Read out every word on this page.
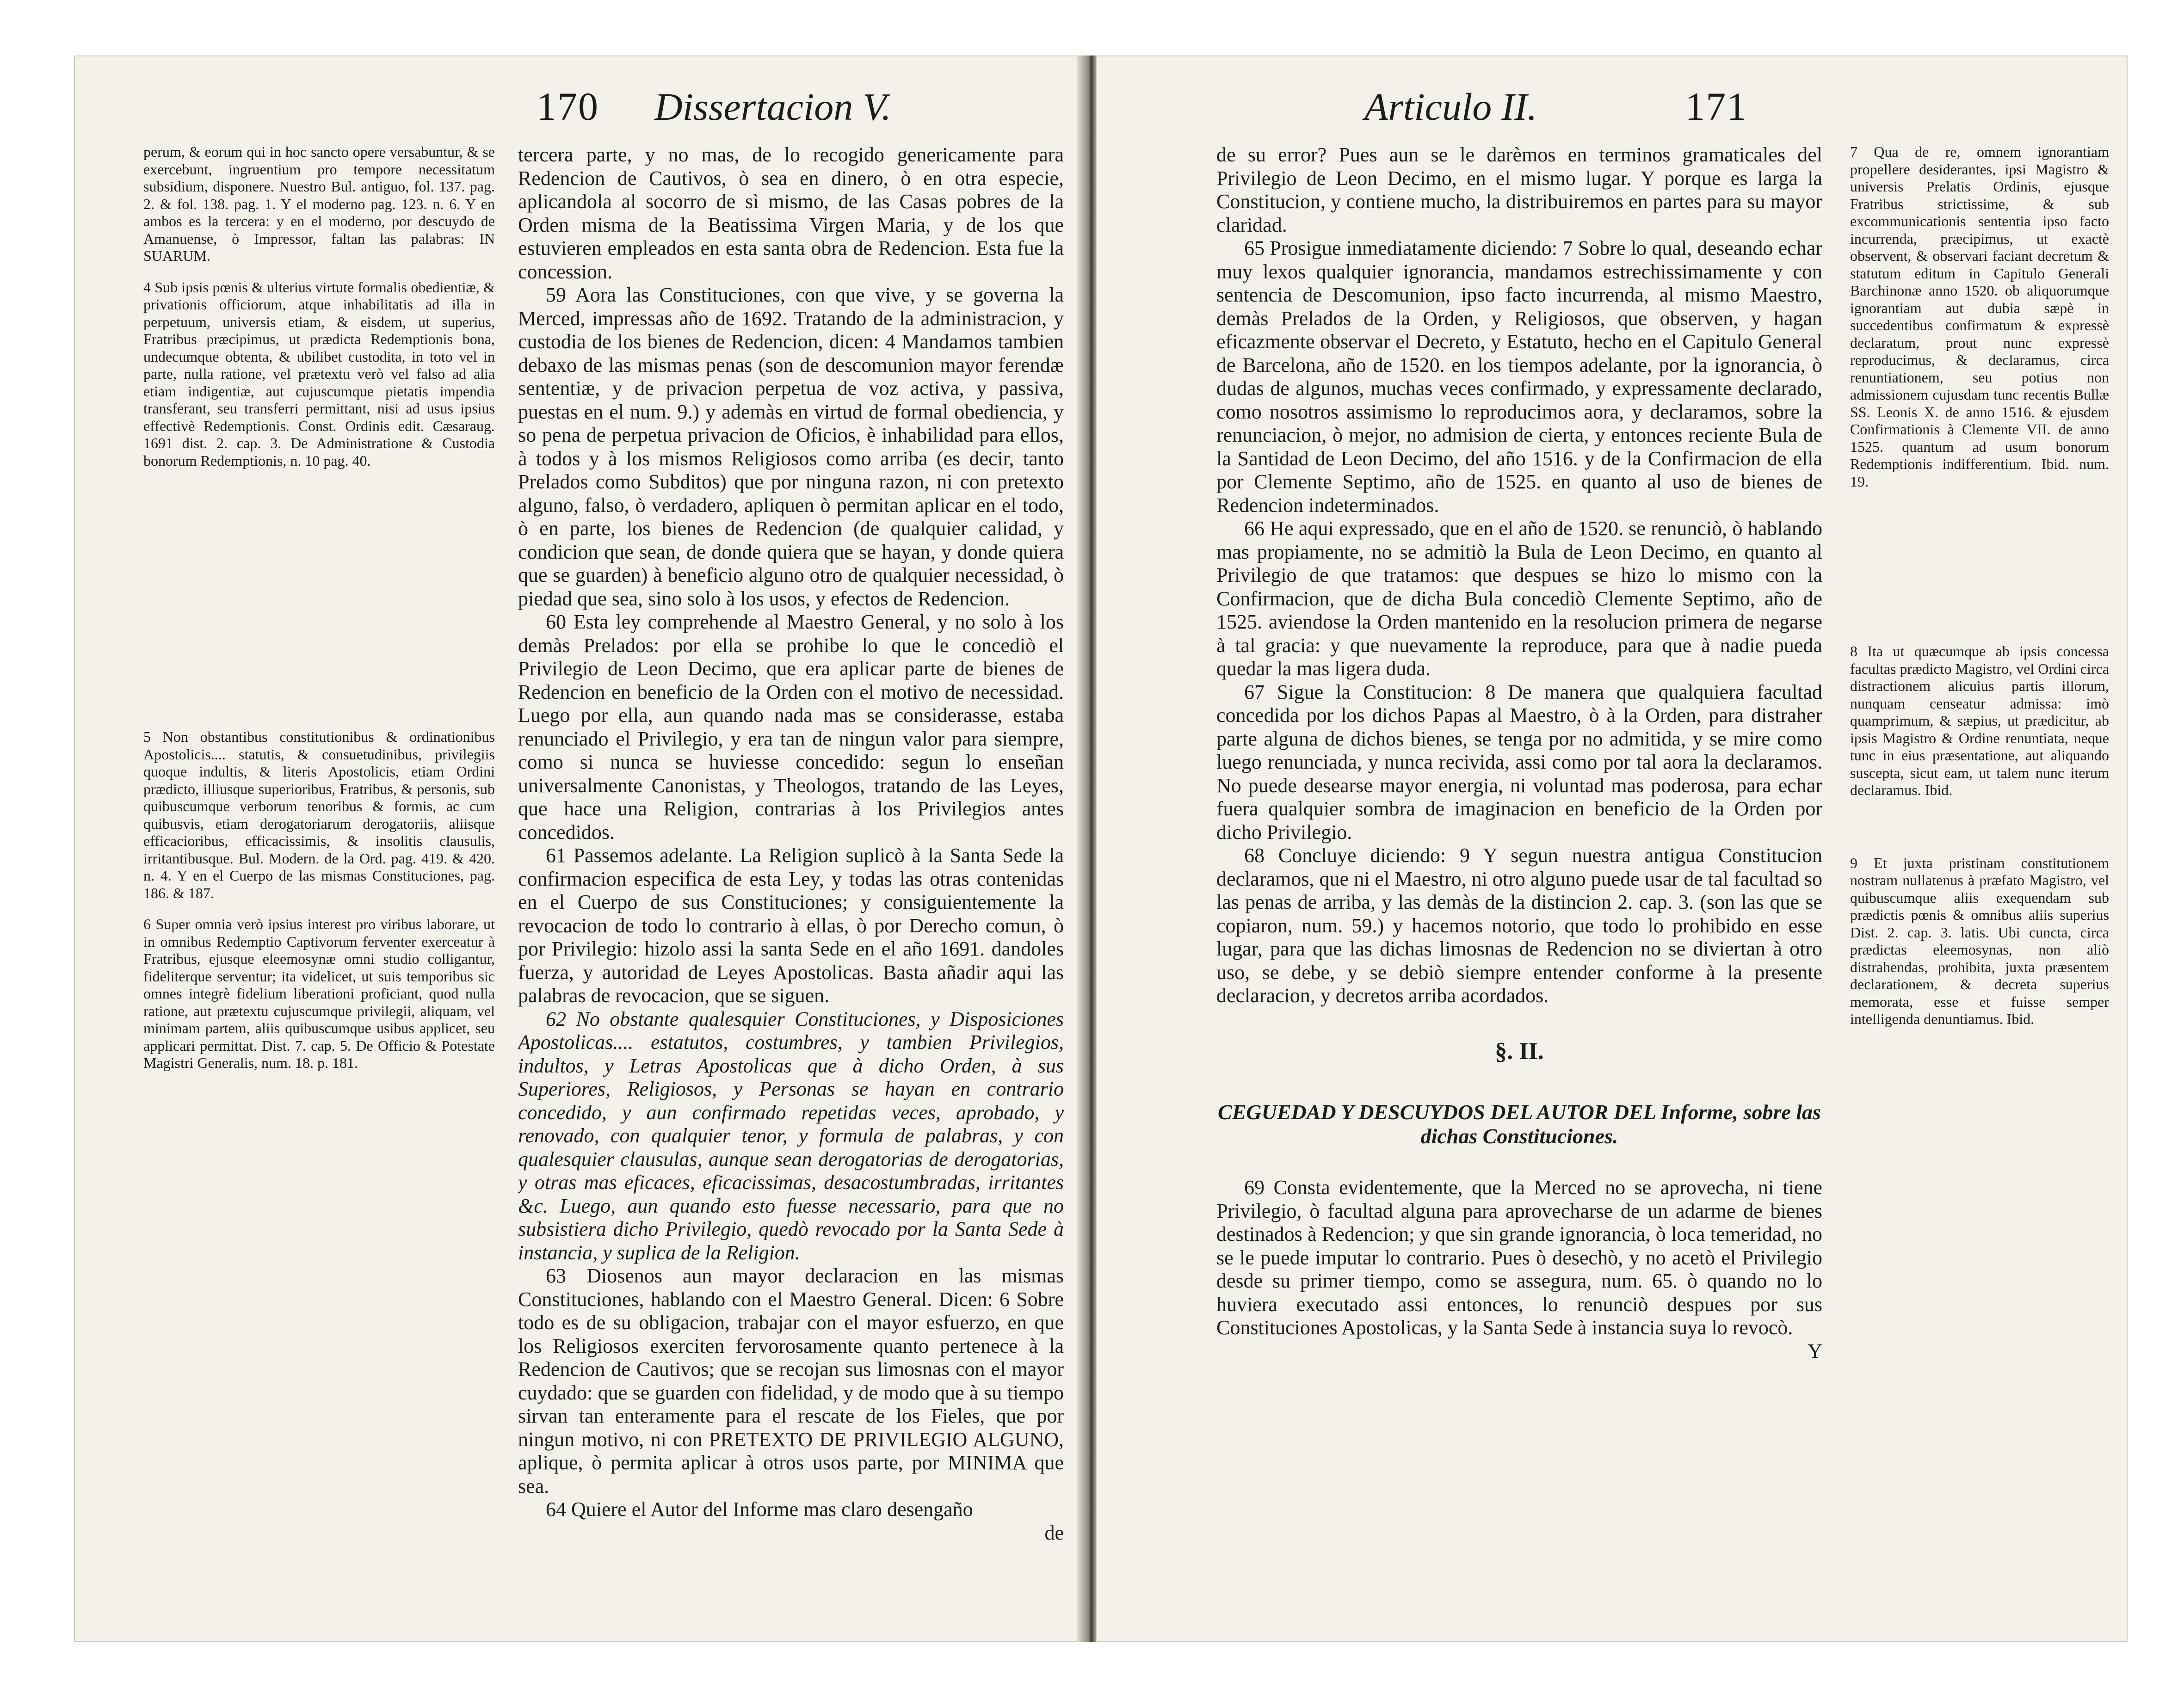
170 Dissertacion V.

perum, & eorum qui in hoc sancto opere versabuntur, & se exercebunt, ingruentium pro tempore necessitatum subsidium, disponere. Nuestro Bul. antiguo, fol. 137. pag. 2. & fol. 138. pag. 1. Y el moderno pag. 123. n. 6. Y en ambos es la tercera: y en el moderno, por descuydo de Amanuense, ò Impressor, faltan las palabras: IN SUARUM.

4 Sub ipsis pœnis & ulterius virtute formalis obedientiæ, & privationis officiorum, atque inhabilitatis ad illa in perpetuum, universis etiam, & eisdem, ut superius, Fratribus præcipimus, ut prædicta Redemptionis bona, undecumque obtenta, & ubilibet custodita, in toto vel in parte, nulla ratione, vel prætextu verò vel falso ad alia etiam indigentiæ, aut cujuscumque pietatis impendia transferant, seu transferri permittant, nisi ad usus ipsius effectivè Redemptionis. Const. Ordinis edit. Cæsaraug. 1691 dist. 2. cap. 3. De Administratione & Custodia bonorum Redemptionis, n. 10 pag. 40.

5 Non obstantibus constitutionibus & ordinationibus Apostolicis.... statutis, & consuetudinibus, privilegiis quoque indultis, & literis Apostolicis, etiam Ordini prædicto, illiusque superioribus, Fratribus, & personis, sub quibuscumque verborum tenoribus & formis, ac cum quibusvis, etiam derogatoriarum derogatoriis, aliisque efficacioribus, efficacissimis, & insolitis clausulis, irritantibusque. Bul. Modern. de la Ord. pag. 419. & 420. n. 4. Y en el Cuerpo de las mismas Constituciones, pag. 186. & 187.

6 Super omnia verò ipsius interest pro viribus laborare, ut in omnibus Redemptio Captivorum ferventer exerceatur à Fratribus, ejusque eleemosynæ omni studio colligantur, fideliterque serventur; ita videlicet, ut suis temporibus sic omnes integrè fidelium liberationi proficiant, quod nulla ratione, aut prætextu cujuscumque privilegii, aliquam, vel minimam partem, aliis quibuscumque usibus applicet, seu applicari permittat. Dist. 7. cap. 5. De Officio & Potestate Magistri Generalis, num. 18. p. 181.

tercera parte, y no mas, de lo recogido genericamente para Redencion de Cautivos, ò sea en dinero, ò en otra especie, aplicandola al socorro de sì mismo, de las Casas pobres de la Orden misma de la Beatissima Virgen Maria, y de los que estuvieren empleados en esta santa obra de Redencion. Esta fue la concession.

59 Aora las Constituciones, con que vive, y se governa la Merced, impressas año de 1692. Tratando de la administracion, y custodia de los bienes de Redencion, dicen: 4 Mandamos tambien debaxo de las mismas penas (son de descomunion mayor ferendæ sententiæ, y de privacion perpetua de voz activa, y passiva, puestas en el num. 9.) y ademàs en virtud de formal obediencia, y so pena de perpetua privacion de Oficios, è inhabilidad para ellos, à todos y à los mismos Religiosos como arriba (es decir, tanto Prelados como Subditos) que por ninguna razon, ni con pretexto alguno, falso, ò verdadero, apliquen ò permitan aplicar en el todo, ò en parte, los bienes de Redencion (de qualquier calidad, y condicion que sean, de donde quiera que se hayan, y donde quiera que se guarden) à beneficio alguno otro de qualquier necessidad, ò piedad que sea, sino solo à los usos, y efectos de Redencion.

60 Esta ley comprehende al Maestro General, y no solo à los demàs Prelados: por ella se prohibe lo que le concediò el Privilegio de Leon Decimo, que era aplicar parte de bienes de Redencion en beneficio de la Orden con el motivo de necessidad. Luego por ella, aun quando nada mas se considerasse, estaba renunciado el Privilegio, y era tan de ningun valor para siempre, como si nunca se huviesse concedido: segun lo enseñan universalmente Canonistas, y Theologos, tratando de las Leyes, que hace una Religion, contrarias à los Privilegios antes concedidos.

61 Passemos adelante. La Religion suplicò à la Santa Sede la confirmacion especifica de esta Ley, y todas las otras contenidas en el Cuerpo de sus Constituciones; y consiguientemente la revocacion de todo lo contrario à ellas, ò por Derecho comun, ò por Privilegio: hizolo assi la santa Sede en el año 1691. dandoles fuerza, y autoridad de Leyes Apostolicas. Basta añadir aqui las palabras de revocacion, que se siguen.

62 No obstante qualesquier Constituciones, y Disposiciones Apostolicas.... estatutos, costumbres, y tambien Privilegios, indultos, y Letras Apostolicas que à dicho Orden, à sus Superiores, Religiosos, y Personas se hayan en contrario concedido, y aun confirmado repetidas veces, aprobado, y renovado, con qualquier tenor, y formula de palabras, y con qualesquier clausulas, aunque sean derogatorias de derogatorias, y otras mas eficaces, eficacissimas, desacostumbradas, irritantes &c. Luego, aun quando esto fuesse necessario, para que no subsistiera dicho Privilegio, quedò revocado por la Santa Sede à instancia, y suplica de la Religion.

63 Diosenos aun mayor declaracion en las mismas Constituciones, hablando con el Maestro General. Dicen: 6 Sobre todo es de su obligacion, trabajar con el mayor esfuerzo, en que los Religiosos exerciten fervorosamente quanto pertenece à la Redencion de Cautivos; que se recojan sus limosnas con el mayor cuydado: que se guarden con fidelidad, y de modo que à su tiempo sirvan tan enteramente para el rescate de los Fieles, que por ningun motivo, ni con PRETEXTO DE PRIVILEGIO ALGUNO, aplique, ò permita aplicar à otros usos parte, por MINIMA que sea.

64 Quiere el Autor del Informe mas claro desengaño

de

Articulo II.	171

de su error? Pues aun se le darèmos en terminos gramaticales del Privilegio de Leon Decimo, en el mismo lugar. Y porque es larga la Constitucion, y contiene mucho, la distribuiremos en partes para su mayor claridad.

65 Prosigue inmediatamente diciendo: 7 Sobre lo qual, deseando echar muy lexos qualquier ignorancia, mandamos estrechissimamente y con sentencia de Descomunion, ipso facto incurrenda, al mismo Maestro, demàs Prelados de la Orden, y Religiosos, que observen, y hagan eficazmente observar el Decreto, y Estatuto, hecho en el Capitulo General de Barcelona, año de 1520. en los tiempos adelante, por la ignorancia, ò dudas de algunos, muchas veces confirmado, y expressamente declarado, como nosotros assimismo lo reproducimos aora, y declaramos, sobre la renunciacion, ò mejor, no admision de cierta, y entonces reciente Bula de la Santidad de Leon Decimo, del año 1516. y de la Confirmacion de ella por Clemente Septimo, año de 1525. en quanto al uso de bienes de Redencion indeterminados.

66 He aqui expressado, que en el año de 1520. se renunciò, ò hablando mas propiamente, no se admitiò la Bula de Leon Decimo, en quanto al Privilegio de que tratamos: que despues se hizo lo mismo con la Confirmacion, que de dicha Bula concediò Clemente Septimo, año de 1525. aviendose la Orden mantenido en la resolucion primera de negarse à tal gracia: y que nuevamente la reproduce, para que à nadie pueda quedar la mas ligera duda.

67 Sigue la Constitucion: 8 De manera que qualquiera facultad concedida por los dichos Papas al Maestro, ò à la Orden, para distraher parte alguna de dichos bienes, se tenga por no admitida, y se mire como luego renunciada, y nunca recivida, assi como por tal aora la declaramos. No puede desearse mayor energia, ni voluntad mas poderosa, para echar fuera qualquier sombra de imaginacion en beneficio de la Orden por dicho Privilegio.

68 Concluye diciendo: 9 Y segun nuestra antigua Constitucion declaramos, que ni el Maestro, ni otro alguno puede usar de tal facultad so las penas de arriba, y las demàs de la distincion 2. cap. 3. (son las que se copiaron, num. 59.) y hacemos notorio, que todo lo prohibido en esse lugar, para que las dichas limosnas de Redencion no se diviertan à otro uso, se debe, y se debiò siempre entender conforme à la presente declaracion, y decretos arriba acordados.

§. II.

CEGUEDAD Y DESCUYDOS DEL AUTOR DEL Informe, sobre las dichas Constituciones.

69 Consta evidentemente, que la Merced no se aprovecha, ni tiene Privilegio, ò facultad alguna para aprovecharse de un adarme de bienes destinados à Redencion; y que sin grande ignorancia, ò loca temeridad, no se le puede imputar lo contrario. Pues ò desechò, y no acetò el Privilegio desde su primer tiempo, como se assegura, num. 65. ò quando no lo huviera executado assi entonces, lo renunciò despues por sus Constituciones Apostolicas, y la Santa Sede à instancia suya lo revocò.

Y

7 Qua de re, omnem ignorantiam propellere desiderantes, ipsi Magistro & universis Prelatis Ordinis, ejusque Fratribus strictissime, & sub excommunicationis sententia ipso facto incurrenda, præcipimus, ut exactè observent, & observari faciant decretum & statutum editum in Capitulo Generali Barchinonæ anno 1520. ob aliquorumque ignorantiam aut dubia sæpè in succedentibus confirmatum & expressè declaratum, prout nunc expressè reproducimus, & declaramus, circa renuntiationem, seu potius non admissionem cujusdam tunc recentis Bullæ SS. Leonis X. de anno 1516. & ejusdem Confirmationis à Clemente VII. de anno 1525. quantum ad usum bonorum Redemptionis indifferentium. Ibid. num. 19.

8 Ita ut quæcumque ab ipsis concessa facultas prædicto Magistro, vel Ordini circa distractionem alicuius partis illorum, nunquam censeatur admissa: imò quamprimum, & sæpius, ut prædicitur, ab ipsis Magistro & Ordine renuntiata, neque tunc in eius præsentatione, aut aliquando suscepta, sicut eam, ut talem nunc iterum declaramus. Ibid.

9 Et juxta pristinam constitutionem nostram nullatenus à præfato Magistro, vel quibuscumque aliis exequendam sub prædictis pœnis & omnibus aliis superius Dist. 2. cap. 3. latis. Ubi cuncta, circa prædictas eleemosynas, non aliò distrahendas, prohibita, juxta præsentem declarationem, & decreta superius memorata, esse et fuisse semper intelligenda denuntiamus. Ibid.
